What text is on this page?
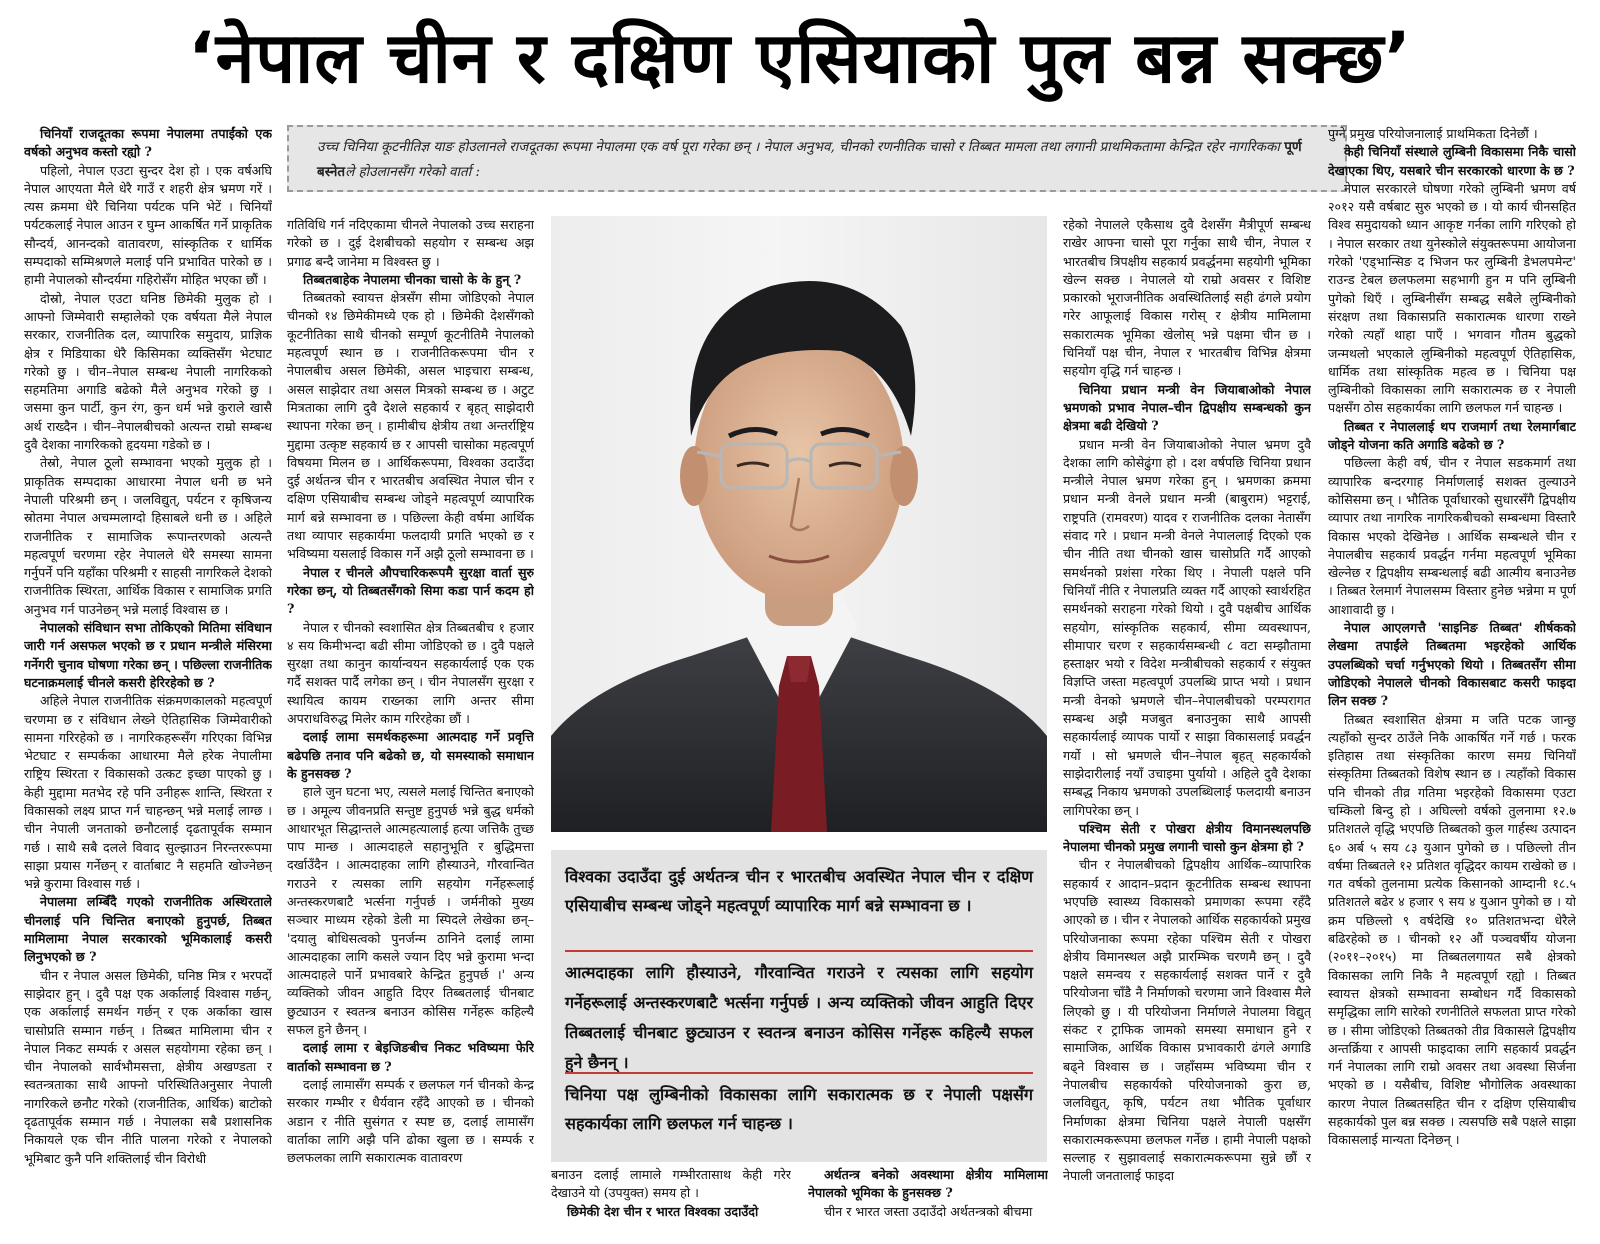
‘नेपाल चीन र दक्षिण एसियाको पुल बन्न सक्छ’
उच्च चिनिया कूटनीतिज्ञ याङ होउलानले राजदूतका रूपमा नेपालमा एक वर्ष पूरा गरेका छन् । नेपाल अनुभव, चीनको रणनीतिक चासो र तिब्बत मामला तथा लगानी प्राथमिकतामा केन्द्रित रहेर नागरिकका पूर्ण बस्नेतले होउलानसँग गरेको वार्ता :

चिनियाँ राजदूतका रूपमा नेपालमा तपाईंको एक वर्षको अनुभव कस्तो रह्यो ?

पहिलो, नेपाल एउटा सुन्दर देश हो । एक वर्षअघि नेपाल आएयता मैले धेरै गाउँ र शहरी क्षेत्र भ्रमण गरें । त्यस क्रममा धेरै चिनिया पर्यटक पनि भेटें । चिनियाँ पर्यटकलाई नेपाल आउन र घुम्न आकर्षित गर्ने प्राकृतिक सौन्दर्य, आनन्दको वातावरण, सांस्कृतिक र धार्मिक सम्पदाको सम्मिश्रणले मलाई पनि प्रभावित पारेको छ । हामी नेपालको सौन्दर्यमा गहिरोसँग मोहित भएका छौं ।

दोस्रो, नेपाल एउटा घनिष्ठ छिमेकी मुलुक हो । आफ्नो जिम्मेवारी सम्हालेको एक वर्षयता मैले नेपाल सरकार, राजनीतिक दल, व्यापारिक समुदाय, प्राज्ञिक क्षेत्र र मिडियाका धेरै किसिमका व्यक्तिसँग भेटघाट गरेको छु । चीन–नेपाल सम्बन्ध नेपाली नागरिकको सहमतिमा अगाडि बढेको मैले अनुभव गरेको छु । जसमा कुन पार्टी, कुन रंग, कुन धर्म भन्ने कुराले खासै अर्थ राख्दैन । चीन–नेपालबीचको अत्यन्त राम्रो सम्बन्ध दुवै देशका नागरिकको हृदयमा गडेको छ ।

तेस्रो, नेपाल ठूलो सम्भावना भएको मुलुक हो । प्राकृतिक सम्पदाका आधारमा नेपाल धनी छ भने नेपाली परिश्रमी छन् । जलविद्युत्, पर्यटन र कृषिजन्य स्रोतमा नेपाल अचम्मलाग्दो हिसाबले धनी छ । अहिले राजनीतिक र सामाजिक रूपान्तरणको अत्यन्तै महत्वपूर्ण चरणमा रहेर नेपालले धेरै समस्या सामना गर्नुपर्ने पनि यहाँका परिश्रमी र साहसी नागरिकले देशको राजनीतिक स्थिरता, आर्थिक विकास र सामाजिक प्रगति अनुभव गर्न पाउनेछन् भन्ने मलाई विश्वास छ ।

नेपालको संविधान सभा तोकिएको मितिमा संविधान जारी गर्न असफल भएको छ र प्रधान मन्त्रीले मंसिरमा गर्नेगरी चुनाव घोषणा गरेका छन् । पछिल्ला राजनीतिक घटनाक्रमलाई चीनले कसरी हेरिरहेको छ ?

अहिले नेपाल राजनीतिक संक्रमणकालको महत्वपूर्ण चरणमा छ र संविधान लेख्ने ऐतिहासिक जिम्मेवारीको सामना गरिरहेको छ । नागरिकहरूसँग गरिएका विभिन्न भेटघाट र सम्पर्कका आधारमा मैले हरेक नेपालीमा राष्ट्रिय स्थिरता र विकासको उत्कट इच्छा पाएको छु । केही मुद्दामा मतभेद रहे पनि उनीहरू शान्ति, स्थिरता र विकासको लक्ष्य प्राप्त गर्न चाहन्छन् भन्ने मलाई लाग्छ । चीन नेपाली जनताको छनौटलाई दृढतापूर्वक सम्मान गर्छ । साथै सबै दलले विवाद सुल्झाउन निरन्तररूपमा साझा प्रयास गर्नेछन् र वार्ताबाट नै सहमति खोज्नेछन् भन्ने कुरामा विश्वास गर्छ ।

नेपालमा लम्बिँदै गएको राजनीतिक अस्थिरताले चीनलाई पनि चिन्तित बनाएको हुनुपर्छ, तिब्बत मामिलामा नेपाल सरकारको भूमिकालाई कसरी लिनुभएको छ ?

चीन र नेपाल असल छिमेकी, घनिष्ठ मित्र र भरपर्दो साझेदार हुन् । दुवै पक्ष एक अर्कालाई विश्वास गर्छन्, एक अर्कालाई समर्थन गर्छन् र एक अर्काका खास चासोप्रति सम्मान गर्छन् । तिब्बत मामिलामा चीन र नेपाल निकट सम्पर्क र असल सहयोगमा रहेका छन् । चीन नेपालको सार्वभौमसत्ता, क्षेत्रीय अखण्डता र स्वतन्त्रताका साथै आफ्नो परिस्थितिअनुसार नेपाली नागरिकले छनौट गरेको (राजनीतिक, आर्थिक) बाटोको दृढतापूर्वक सम्मान गर्छ । नेपालका सबै प्रशासनिक निकायले एक चीन नीति पालना गरेको र नेपालको भूमिबाट कुनै पनि शक्तिलाई चीन विरोधी

गतिविधि गर्न नदिएकामा चीनले नेपालको उच्च सराहना गरेको छ । दुई देशबीचको सहयोग र सम्बन्ध अझ प्रगाढ बन्दै जानेमा म विश्वस्त छु ।

तिब्बतबाहेक नेपालमा चीनका चासो के के हुन् ?

तिब्बतको स्वायत्त क्षेत्रसँग सीमा जोडिएको नेपाल चीनको १४ छिमेकीमध्ये एक हो । छिमेकी देशसँगको कूटनीतिका साथै चीनको सम्पूर्ण कूटनीतिमै नेपालको महत्वपूर्ण स्थान छ । राजनीतिकरूपमा चीन र नेपालबीच असल छिमेकी, असल भाइचारा सम्बन्ध, असल साझेदार तथा असल मित्रको सम्बन्ध छ । अटुट मित्रताका लागि दुवै देशले सहकार्य र बृहत् साझेदारी स्थापना गरेका छन् । हामीबीच क्षेत्रीय तथा अन्तर्राष्ट्रिय मुद्दामा उत्कृष्ट सहकार्य छ र आपसी चासोका महत्वपूर्ण विषयमा मिलन छ । आर्थिकरूपमा, विश्वका उदाउँदा दुई अर्थतन्त्र चीन र भारतबीच अवस्थित नेपाल चीन र दक्षिण एसियाबीच सम्बन्ध जोड्ने महत्वपूर्ण व्यापारिक मार्ग बन्ने सम्भावना छ । पछिल्ला केही वर्षमा आर्थिक तथा व्यापार सहकार्यमा फलदायी प्रगति भएको छ र भविष्यमा यसलाई विकास गर्ने अझै ठूलो सम्भावना छ ।

नेपाल र चीनले औपचारिकरूपमै सुरक्षा वार्ता सुरु गरेका छन्, यो तिब्बतसँगको सिमा कडा पार्न कदम हो ?

नेपाल र चीनको स्वशासित क्षेत्र तिब्बतबीच १ हजार ४ सय किमीभन्दा बढी सीमा जोडिएको छ । दुवै पक्षले सुरक्षा तथा कानुन कार्यान्वयन सहकार्यलाई एक एक गर्दै सशक्त पार्दै लगेका छन् । चीन नेपालसँग सुरक्षा र स्थायित्व कायम राख्नका लागि अन्तर सीमा अपराधविरुद्ध मिलेर काम गरिरहेका छौं ।

दलाई लामा समर्थकहरूमा आत्मदाह गर्ने प्रवृत्ति बढेपछि तनाव पनि बढेको छ, यो समस्याको समाधान के हुनसक्छ ?

हाले जुन घटना भए, त्यसले मलाई चिन्तित बनाएको छ । अमूल्य जीवनप्रति सन्तुष्ट हुनुपर्छ भन्ने बुद्ध धर्मको आधारभूत सिद्धान्तले आत्महत्यालाई हत्या जत्तिकै तुच्छ पाप मान्छ । आत्मदाहले सहानुभूति र बुद्धिमत्ता दर्खाउँदैन । आत्मदाहका लागि हौस्याउने, गौरवान्वित गराउने र त्यसका लागि सहयोग गर्नेहरूलाई अन्तस्करणबाटै भर्त्सना गर्नुपर्छ । जर्मनीको मुख्य सञ्चार माध्यम रहेको डेली मा स्पिदले लेखेका छन्– 'दयालु बोधिसत्वको पुनर्जन्म ठानिने दलाई लामा आत्मदाहका लागि कसले ज्यान दिए भन्ने कुरामा भन्दा आत्मदाहले पार्ने प्रभावबारे केन्द्रित हुनुपर्छ ।' अन्य व्यक्तिको जीवन आहुति दिएर तिब्बतलाई चीनबाट छुट्याउन र स्वतन्त्र बनाउन कोसिस गर्नेहरू कहिल्यै सफल हुने छैनन् ।

दलाई लामा र बेइजिङबीच निकट भविष्यमा फेरि वार्ताको सम्भावना छ ?

दलाई लामासँग सम्पर्क र छलफल गर्न चीनको केन्द्र सरकार गम्भीर र धैर्यवान रहँदै आएको छ । चीनको अडान र नीति सुसंगत र स्पष्ट छ, दलाई लामासँग वार्ताका लागि अझै पनि ढोका खुला छ । सम्पर्क र छलफलका लागि सकारात्मक वातावरण

बनाउन दलाई लामाले गम्भीरतासाथ केही गरेर देखाउने यो (उपयुक्त) समय हो ।

छिमेकी देश चीन र भारत विश्वका उदाउँदो

अर्थतन्त्र बनेको अवस्थामा क्षेत्रीय मामिलामा नेपालको भूमिका के हुनसक्छ ?

चीन र भारत जस्ता उदाउँदो अर्थतन्त्रको बीचमा

रहेको नेपालले एकैसाथ दुवै देशसँग मैत्रीपूर्ण सम्बन्ध राखेर आफ्ना चासो पूरा गर्नुका साथै चीन, नेपाल र भारतबीच त्रिपक्षीय सहकार्य प्रवर्द्धनमा सहयोगी भूमिका खेल्न सक्छ । नेपालले यो राम्रो अवसर र विशिष्ट प्रकारको भूराजनीतिक अवस्थितिलाई सही ढंगले प्रयोग गरेर आफूलाई विकास गरोस् र क्षेत्रीय मामिलामा सकारात्मक भूमिका खेलोस् भन्ने पक्षमा चीन छ । चिनियाँ पक्ष चीन, नेपाल र भारतबीच विभिन्न क्षेत्रमा सहयोग वृद्धि गर्न चाहन्छ ।

चिनिया प्रधान मन्त्री वेन जियाबाओको नेपाल भ्रमणको प्रभाव नेपाल–चीन द्विपक्षीय सम्बन्धको कुन क्षेत्रमा बढी देखियो ?

प्रधान मन्त्री वेन जियाबाओको नेपाल भ्रमण दुवै देशका लागि कोसेढुंगा हो । दश वर्षपछि चिनिया प्रधान मन्त्रीले नेपाल भ्रमण गरेका हुन् । भ्रमणका क्रममा प्रधान मन्त्री वेनले प्रधान मन्त्री (बाबुराम) भट्टराई, राष्ट्रपति (रामवरण) यादव र राजनीतिक दलका नेतासँग संवाद गरे । प्रधान मन्त्री वेनले नेपाललाई दिएको एक चीन नीति तथा चीनको खास चासोप्रति गर्दै आएको समर्थनको प्रशंसा गरेका थिए । नेपाली पक्षले पनि चिनियाँ नीति र नेपालप्रति व्यक्त गर्दै आएको स्वार्थरहित समर्थनको सराहना गरेको थियो । दुवै पक्षबीच आर्थिक सहयोग, सांस्कृतिक सहकार्य, सीमा व्यवस्थापन, सीमापार चरण र सहकार्यसम्बन्धी ८ वटा सम्झौतामा हस्ताक्षर भयो र विदेश मन्त्रीबीचको सहकार्य र संयुक्त विज्ञप्ति जस्ता महत्वपूर्ण उपलब्धि प्राप्त भयो । प्रधान मन्त्री वेनको भ्रमणले चीन–नेपालबीचको परम्परागत सम्बन्ध अझै मजबुत बनाउनुका साथै आपसी सहकार्यलाई व्यापक पार्यो र साझा विकासलाई प्रवर्द्धन गर्यो । सो भ्रमणले चीन–नेपाल बृहत् सहकार्यको साझेदारीलाई नयाँ उचाइमा पुर्यायो । अहिले दुवै देशका सम्बद्ध निकाय भ्रमणको उपलब्धिलाई फलदायी बनाउन लागिपरेका छन् ।

पश्चिम सेती र पोखरा क्षेत्रीय विमानस्थलपछि नेपालमा चीनको प्रमुख लगानी चासो कुन क्षेत्रमा हो ?

चीन र नेपालबीचको द्विपक्षीय आर्थिक–व्यापारिक सहकार्य र आदान–प्रदान कूटनीतिक सम्बन्ध स्थापना भएपछि स्वास्थ्य विकासको प्रमाणका रूपमा रहँदै आएको छ । चीन र नेपालको आर्थिक सहकार्यको प्रमुख परियोजनाका रूपमा रहेका पश्चिम सेती र पोखरा क्षेत्रीय विमानस्थल अझै प्रारम्भिक चरणमै छन् । दुवै पक्षले समन्वय र सहकार्यलाई सशक्त पार्ने र दुवै परियोजना चाँडै नै निर्माणको चरणमा जाने विश्वास मैले लिएको छु । यी परियोजना निर्माणले नेपालमा विद्युत् संकट र ट्राफिक जामको समस्या समाधान हुने र सामाजिक, आर्थिक विकास प्रभावकारी ढंगले अगाडि बढ्ने विश्वास छ । जहाँसम्म भविष्यमा चीन र नेपालबीच सहकार्यको परियोजनाको कुरा छ, जलविद्युत्, कृषि, पर्यटन तथा भौतिक पूर्वाधार निर्माणका क्षेत्रमा चिनिया पक्षले नेपाली पक्षसँग सकारात्मकरूपमा छलफल गर्नेछ । हामी नेपाली पक्षको सल्लाह र सुझावलाई सकारात्मकरूपमा सुन्ने छौं र नेपाली जनतालाई फाइदा

पुग्ने प्रमुख परियोजनालाई प्राथमिकता दिनेछौं ।

केही चिनियाँ संस्थाले लुम्बिनी विकासमा निकै चासो देखाएका थिए, यसबारे चीन सरकारको धारणा के छ ?

नेपाल सरकारले घोषणा गरेको लुम्बिनी भ्रमण वर्ष २०१२ यसै वर्षबाट सुरु भएको छ । यो कार्य चीनसहित विश्व समुदायको ध्यान आकृष्ट गर्नका लागि गरिएको हो । नेपाल सरकार तथा युनेस्कोले संयुक्तरूपमा आयोजना गरेको 'एड्भान्सिङ द भिजन फर लुम्बिनी डेभलपमेन्ट' राउन्ड टेबल छलफलमा सहभागी हुन म पनि लुम्बिनी पुगेको थिएँ । लुम्बिनीसँग सम्बद्ध सबैले लुम्बिनीको संरक्षण तथा विकासप्रति सकारात्मक धारणा राख्ने गरेको त्यहाँ थाहा पाएँ । भगवान गौतम बुद्धको जन्मथलो भएकाले लुम्बिनीको महत्वपूर्ण ऐतिहासिक, धार्मिक तथा सांस्कृतिक महत्व छ । चिनिया पक्ष लुम्बिनीको विकासका लागि सकारात्मक छ र नेपाली पक्षसँग ठोस सहकार्यका लागि छलफल गर्न चाहन्छ ।

तिब्बत र नेपाललाई थप राजमार्ग तथा रेलमार्गबाट जोड्ने योजना कति अगाडि बढेको छ ?

पछिल्ला केही वर्ष, चीन र नेपाल सडकमार्ग तथा व्यापारिक बन्दरगाह निर्माणलाई सशक्त तुल्याउने कोसिसमा छन् । भौतिक पूर्वाधारको सुधारसँगै द्विपक्षीय व्यापार तथा नागरिक नागरिकबीचको सम्बन्धमा विस्तारै विकास भएको देखिनेछ । आर्थिक सम्बन्धले चीन र नेपालबीच सहकार्य प्रवर्द्धन गर्नमा महत्वपूर्ण भूमिका खेल्नेछ र द्विपक्षीय सम्बन्धलाई बढी आत्मीय बनाउनेछ । तिब्बत रेलमार्ग नेपालसम्म विस्तार हुनेछ भन्नेमा म पूर्ण आशावादी छु ।

नेपाल आएलगत्तै 'साइनिङ तिब्बत' शीर्षकको लेखमा तपाईंले तिब्बतमा भइरहेको आर्थिक उपलब्धिको चर्चा गर्नुभएको थियो । तिब्बतसँग सीमा जोडिएको नेपालले चीनको विकासबाट कसरी फाइदा लिन सक्छ ?

तिब्बत स्वशासित क्षेत्रमा म जति पटक जान्छु त्यहाँको सुन्दर ठाउँले निकै आकर्षित गर्ने गर्छ । फरक इतिहास तथा संस्कृतिका कारण समग्र चिनियाँ संस्कृतिमा तिब्बतको विशेष स्थान छ । त्यहाँको विकास पनि चीनको तीव्र गतिमा भइरहेको विकासमा एउटा चम्किलो बिन्दु हो । अघिल्लो वर्षको तुलनामा १२.७ प्रतिशतले वृद्धि भएपछि तिब्बतको कुल गार्हस्थ उत्पादन ६० अर्ब ५ सय ८३ युआन पुगेको छ । पछिल्लो तीन वर्षमा तिब्बतले १२ प्रतिशत वृद्धिदर कायम राखेको छ । गत वर्षको तुलनामा प्रत्येक किसानको आम्दानी १८.५ प्रतिशतले बढेर ४ हजार ९ सय ४ युआन पुगेको छ । यो क्रम पछिल्लो ९ वर्षदेखि १० प्रतिशतभन्दा धेरैले बढिरहेको छ । चीनको १२ औं पञ्चवर्षीय योजना (२०११–२०१५) मा तिब्बतलगायत सबै क्षेत्रको विकासका लागि निकै नै महत्वपूर्ण रह्यो । तिब्बत स्वायत्त क्षेत्रको सम्भावना सम्बोधन गर्दै विकासको समृद्धिका लागि सारेको रणनीतिले सफलता प्राप्त गरेको छ । सीमा जोडिएको तिब्बतको तीव्र विकासले द्विपक्षीय अन्तर्क्रिया र आपसी फाइदाका लागि सहकार्य प्रवर्द्धन गर्न नेपालका लागि राम्रो अवसर तथा अवस्था सिर्जना भएको छ । यसैबीच, विशिष्ट भौगोलिक अवस्थाका कारण नेपाल तिब्बतसहित चीन र दक्षिण एसियाबीच सहकार्यको पुल बन्न सक्छ । त्यसपछि सबै पक्षले साझा विकासलाई मान्यता दिनेछन् ।

विश्वका उदाउँदा दुई अर्थतन्त्र चीन र भारतबीच अवस्थित नेपाल चीन र दक्षिण एसियाबीच सम्बन्ध जोड्ने महत्वपूर्ण व्यापारिक मार्ग बन्ने सम्भावना छ ।
आत्मदाहका लागि हौस्याउने, गौरवान्वित गराउने र त्यसका लागि सहयोग गर्नेहरूलाई अन्तस्करणबाटै भर्त्सना गर्नुपर्छ । अन्य व्यक्तिको जीवन आहुति दिएर तिब्बतलाई चीनबाट छुट्याउन र स्वतन्त्र बनाउन कोसिस गर्नेहरू कहिल्यै सफल हुने छैनन् ।
चिनिया पक्ष लुम्बिनीको विकासका लागि सकारात्मक छ र नेपाली पक्षसँग सहकार्यका लागि छलफल गर्न चाहन्छ ।
